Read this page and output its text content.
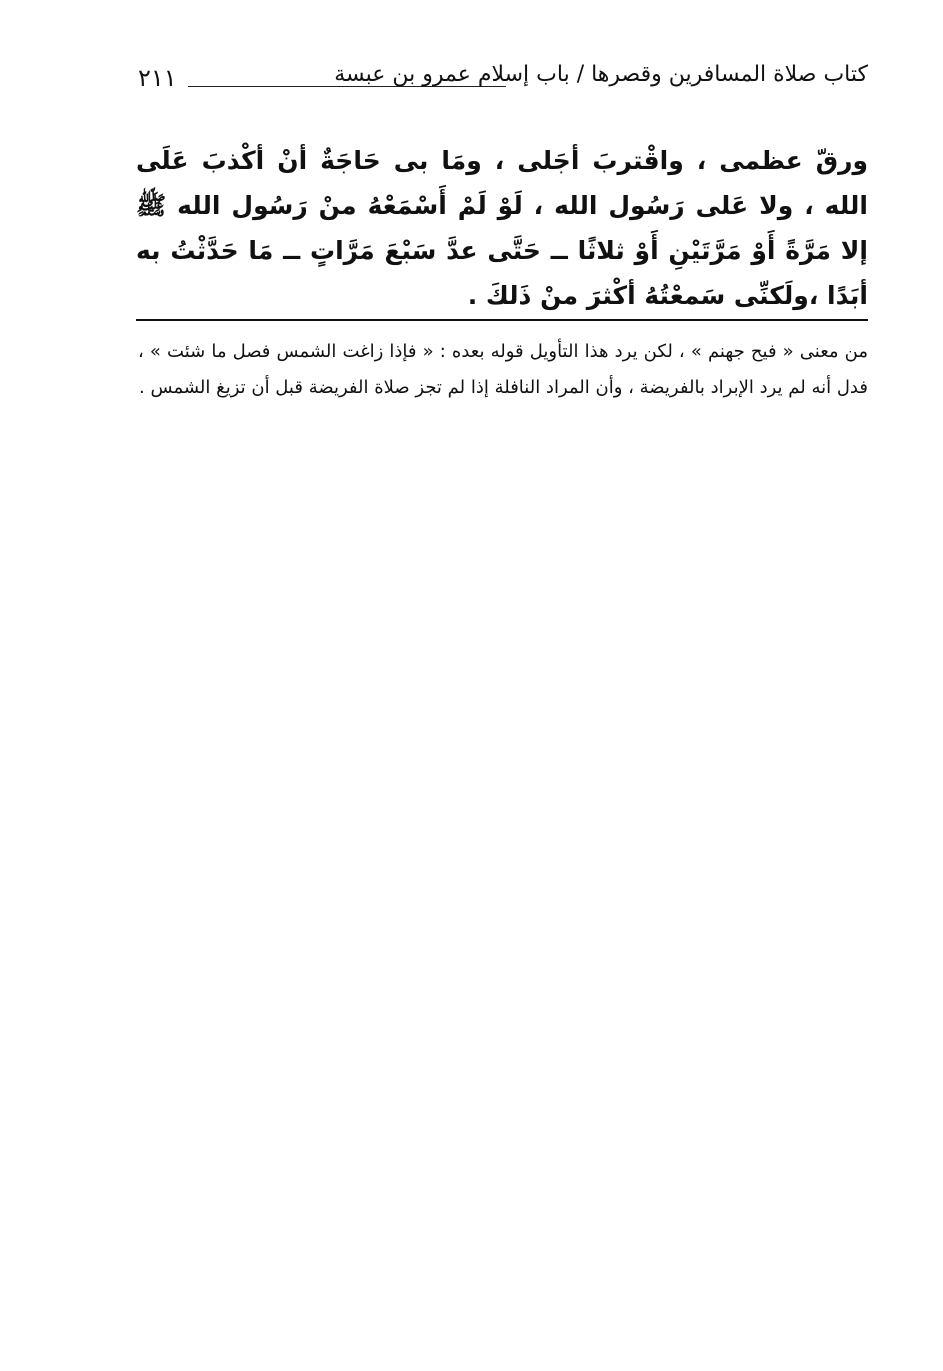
٢١١	كتاب صلاة المسافرين وقصرها / باب إسلام عمرو بن عبسة
ورقّ عظمى ، واقْتربَ أجَلى ، ومَا بى حَاجَةٌ أنْ أكْذبَ عَلَى الله ، ولا عَلى رَسُول الله ، لَوْ لَمْ أَسْمَعْهُ منْ رَسُول الله ﷺ إلا مَرَّةً أَوْ مَرَّتَيْنِ أَوْ ثلاثًا ــ حَتَّى عدَّ سَبْعَ مَرَّاتٍ ــ مَا حَدَّثْتُ به أبَدًا ،ولَكنِّى سَمعْتُهُ أكْثرَ منْ ذَلكَ .
من معنى « فيح جهنم » ، لكن يرد هذا التأويل قوله بعده : « فإذا زاغت الشمس فصل ما شئت » ، فدل أنه لم يرد الإبراد بالفريضة ، وأن المراد النافلة إذا لم تجز صلاة الفريضة قبل أن تزيغ الشمس .
